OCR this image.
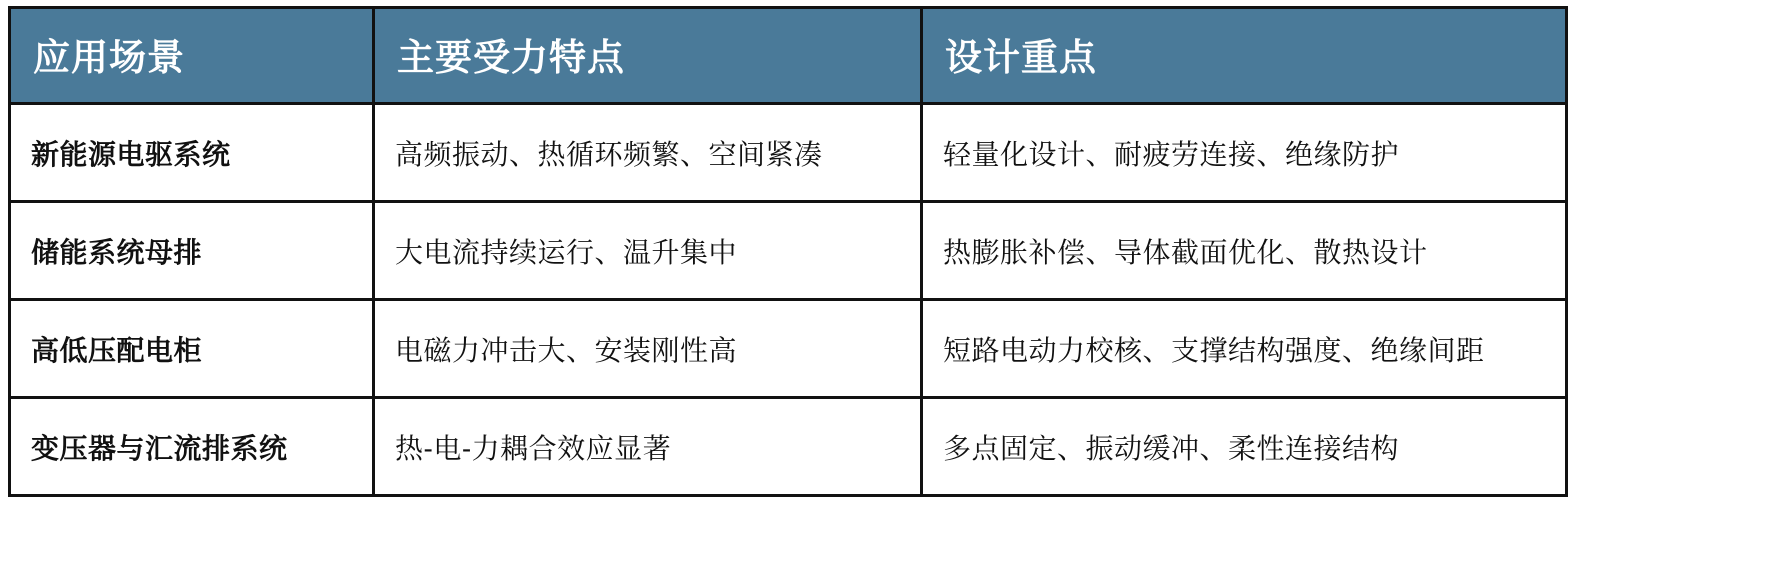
应用场景	主要受力特点	设计重点
新能源电驱系统	高频振动、热循环频繁、空间紧凑	轻量化设计、耐疲劳连接、绝缘防护
储能系统母排	大电流持续运行、温升集中	热膨胀补偿、导体截面优化、散热设计
高低压配电柜	电磁力冲击大、安装刚性高	短路电动力校核、支撑结构强度、绝缘间距
变压器与汇流排系统	热-电-力耦合效应显著	多点固定、振动缓冲、柔性连接结构
